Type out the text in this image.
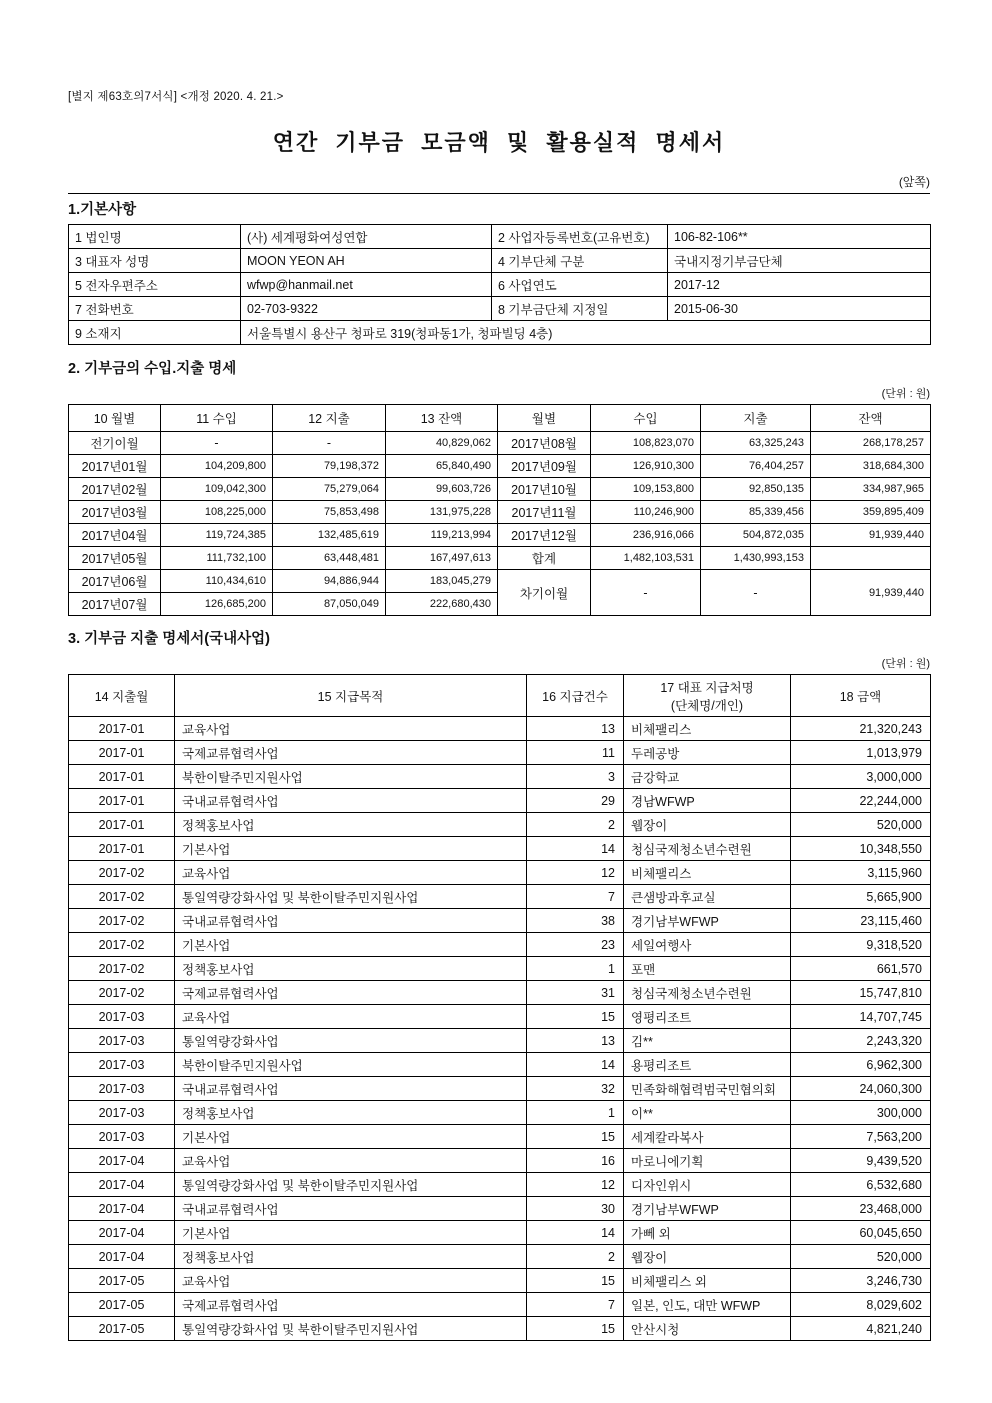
[별지 제63호의7서식] <개정 2020. 4. 21.>
연간 기부금 모금액 및 활용실적 명세서
(앞쪽)
1.기본사항
1 법인명	(사) 세계평화여성연합	2 사업자등록번호(고유번호)	106-82-106**
3 대표자 성명	MOON YEON AH	4 기부단체 구분	국내지정기부금단체
5 전자우편주소	wfwp@hanmail.net	6 사업연도	2017-12
7 전화번호	02-703-9322	8 기부금단체 지정일	2015-06-30
9 소재지	서울특별시 용산구 청파로 319(청파동1가, 청파빌딩 4층)		
2. 기부금의 수입.지출 명세
(단위 : 원)
10 월별	11 수입	12 지출	13 잔액	월별	수입	지출	잔액
전기이월	-	-	40,829,062	2017년08월	108,823,070	63,325,243	268,178,257
2017년01월	104,209,800	79,198,372	65,840,490	2017년09월	126,910,300	76,404,257	318,684,300
2017년02월	109,042,300	75,279,064	99,603,726	2017년10월	109,153,800	92,850,135	334,987,965
2017년03월	108,225,000	75,853,498	131,975,228	2017년11월	110,246,900	85,339,456	359,895,409
2017년04월	119,724,385	132,485,619	119,213,994	2017년12월	236,916,066	504,872,035	91,939,440
2017년05월	111,732,100	63,448,481	167,497,613	합계	1,482,103,531	1,430,993,153	
2017년06월	110,434,610	94,886,944	183,045,279	차기이월	-	-	91,939,440
2017년07월	126,685,200	87,050,049	222,680,430				
3. 기부금 지출 명세서(국내사업)
(단위 : 원)
14 지출월	15 지급목적	16 지급건수	17 대표 지급처명
(단체명/개인)	18 금액
2017-01	교육사업	13	비체팰리스	21,320,243
2017-01	국제교류협력사업	11	두레공방	1,013,979
2017-01	북한이탈주민지원사업	3	금강학교	3,000,000
2017-01	국내교류협력사업	29	경남WFWP	22,244,000
2017-01	정책홍보사업	2	웹장이	520,000
2017-01	기본사업	14	청심국제청소년수련원	10,348,550
2017-02	교육사업	12	비체팰리스	3,115,960
2017-02	통일역량강화사업 및 북한이탈주민지원사업	7	큰샘방과후교실	5,665,900
2017-02	국내교류협력사업	38	경기남부WFWP	23,115,460
2017-02	기본사업	23	세일여행사	9,318,520
2017-02	정책홍보사업	1	포맨	661,570
2017-02	국제교류협력사업	31	청심국제청소년수련원	15,747,810
2017-03	교육사업	15	영평리조트	14,707,745
2017-03	통일역량강화사업	13	김**	2,243,320
2017-03	북한이탈주민지원사업	14	용평리조트	6,962,300
2017-03	국내교류협력사업	32	민족화해협력범국민협의회	24,060,300
2017-03	정책홍보사업	1	이**	300,000
2017-03	기본사업	15	세계칼라복사	7,563,200
2017-04	교육사업	16	마로니에기획	9,439,520
2017-04	통일역량강화사업 및 북한이탈주민지원사업	12	디자인위시	6,532,680
2017-04	국내교류협력사업	30	경기남부WFWP	23,468,000
2017-04	기본사업	14	가뻬 외	60,045,650
2017-04	정책홍보사업	2	웹장이	520,000
2017-05	교육사업	15	비체팰리스 외	3,246,730
2017-05	국제교류협력사업	7	일본, 인도, 대만 WFWP	8,029,602
2017-05	통일역량강화사업 및 북한이탈주민지원사업	15	안산시청	4,821,240
